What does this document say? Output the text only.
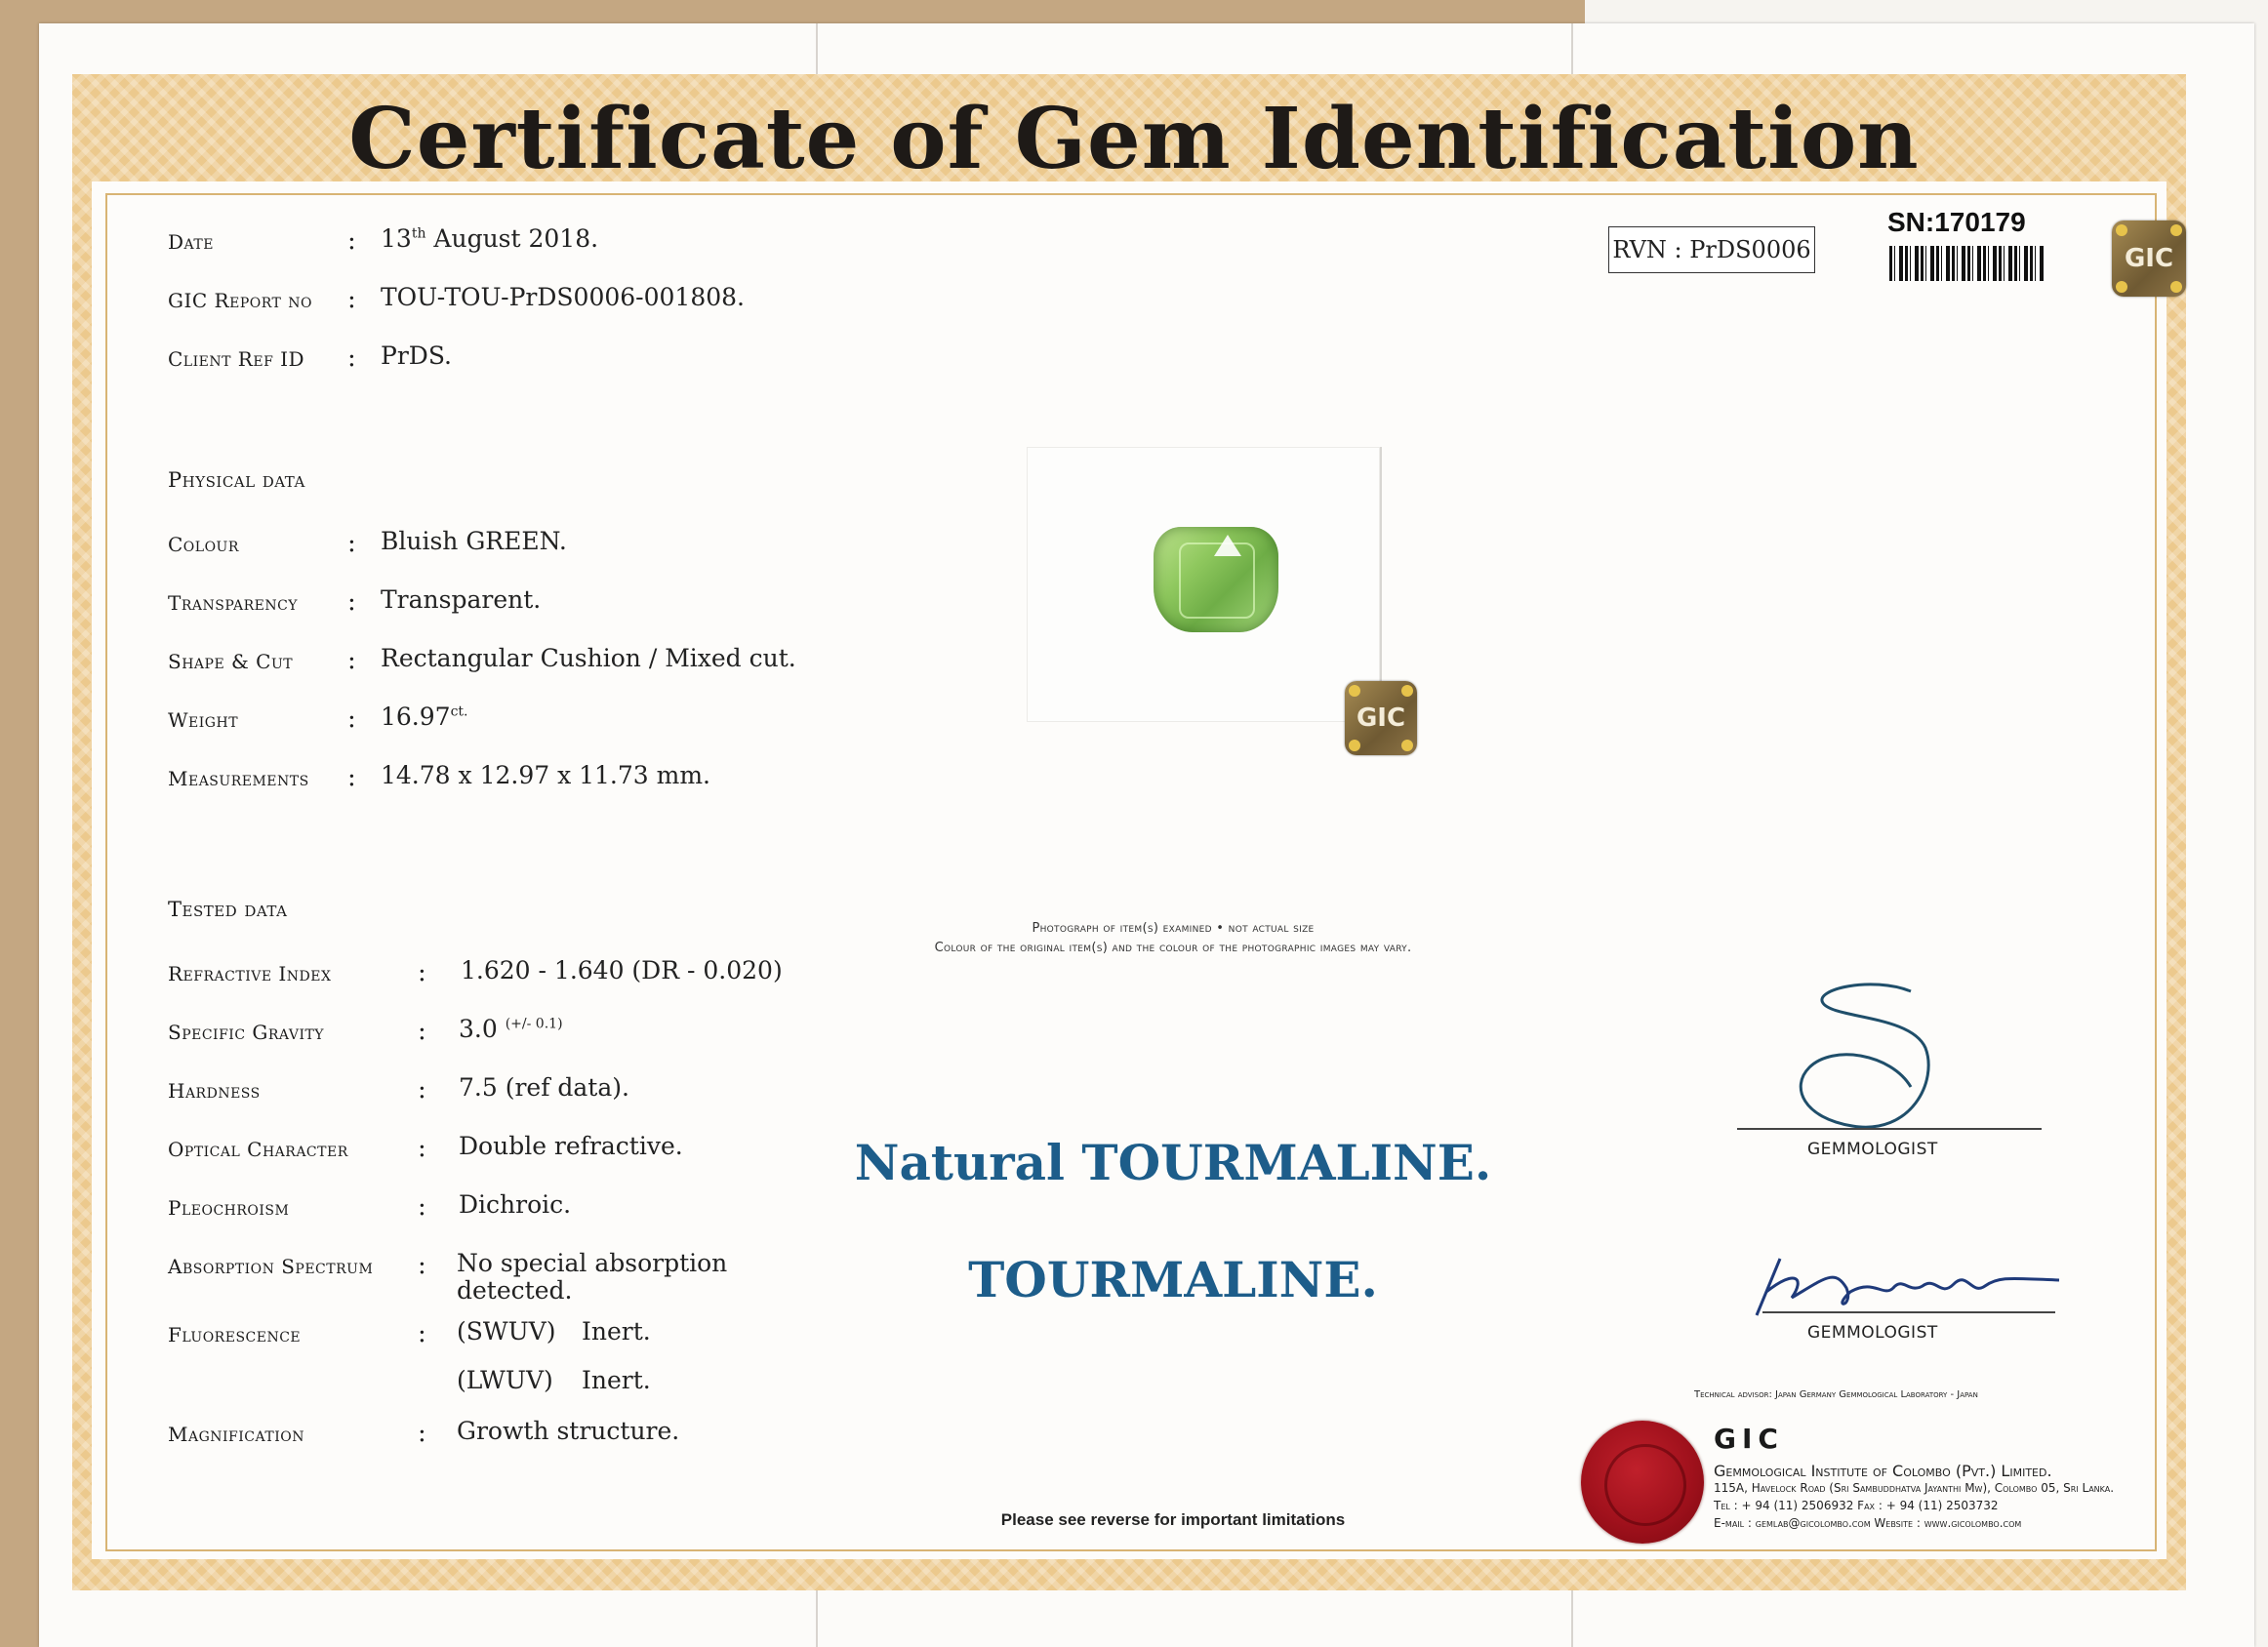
Certificate of Gem Identification
Date	: 13th August 2018.
GIC Report no : TOU-TOU-PrDS0006-001808.
Client Ref ID : PrDS.
Physical data
Colour	: Bluish GREEN.
Transparency : Transparent.
Shape & Cut : Rectangular Cushion / Mixed cut.
Weight	: $16.97^{ct.}$
Measurements : 14.78 x 12.97 x 11.73 mm.
Tested data
Refractive Index	: 1.620 - 1.640 (DR - 0.020)
Specific Gravity	: 3.0 $^{(+/- 0.1)}$
Hardness	: 7.5 (ref data).
Optical Character	: Double refractive.
Pleochroism	: Dichroic.
Absorption Spectrum : No special absorption
detected.
Fluorescence	: (SWUV) Inert.
(LWUV) Inert.
Magnification	: Growth structure.
GIC
Photograph of item(s) examined • not actual size
Colour of the original item(s) and the colour of the photographic images may vary.
Natural TOURMALINE.
TOURMALINE.
Please see reverse for important limitations
RVN : PrDS0006
SN:170179
GIC
GEMMOLOGIST
GEMMOLOGIST
Technical advisor: Japan Germany Gemmological Laboratory - Japan
GIC
Gemmological Institute of Colombo (Pvt.) Limited.
115A, Havelock Road (Sri Sambuddhatva Jayanthi Mw), Colombo 05, Sri Lanka.
Tel : + 94 (11) 2506932 Fax : + 94 (11) 2503732
E-mail : gemlab@gicolombo.com Website : www.gicolombo.com
